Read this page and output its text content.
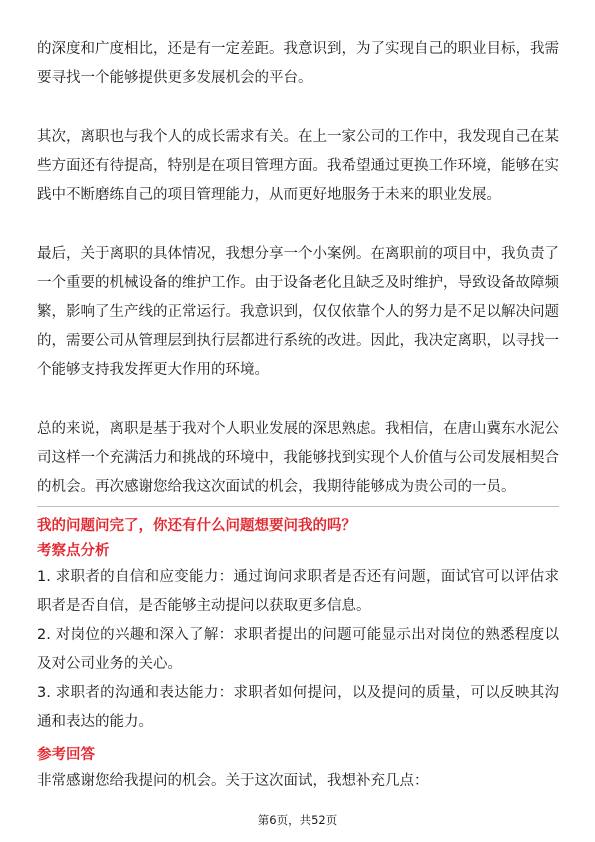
的深度和广度相比，还是有一定差距。我意识到，为了实现自己的职业目标，我需要寻找一个能够提供更多发展机会的平台。

其次，离职也与我个人的成长需求有关。在上一家公司的工作中，我发现自己在某些方面还有待提高，特别是在项目管理方面。我希望通过更换工作环境，能够在实践中不断磨练自己的项目管理能力，从而更好地服务于未来的职业发展。

最后，关于离职的具体情况，我想分享一个小案例。在离职前的项目中，我负责了一个重要的机械设备的维护工作。由于设备老化且缺乏及时维护，导致设备故障频繁，影响了生产线的正常运行。我意识到，仅仅依靠个人的努力是不足以解决问题的，需要公司从管理层到执行层都进行系统的改进。因此，我决定离职，以寻找一个能够支持我发挥更大作用的环境。

总的来说，离职是基于我对个人职业发展的深思熟虑。我相信，在唐山冀东水泥公司这样一个充满活力和挑战的环境中，我能够找到实现个人价值与公司发展相契合的机会。再次感谢您给我这次面试的机会，我期待能够成为贵公司的一员。

我的问题问完了，你还有什么问题想要问我的吗？

考察点分析

1. 求职者的自信和应变能力：通过询问求职者是否还有问题，面试官可以评估求职者是否自信，是否能够主动提问以获取更多信息。

2. 对岗位的兴趣和深入了解：求职者提出的问题可能显示出对岗位的熟悉程度以及对公司业务的关心。

3. 求职者的沟通和表达能力：求职者如何提问，以及提问的质量，可以反映其沟通和表达的能力。

参考回答

非常感谢您给我提问的机会。关于这次面试，我想补充几点：

第6页，共52页
